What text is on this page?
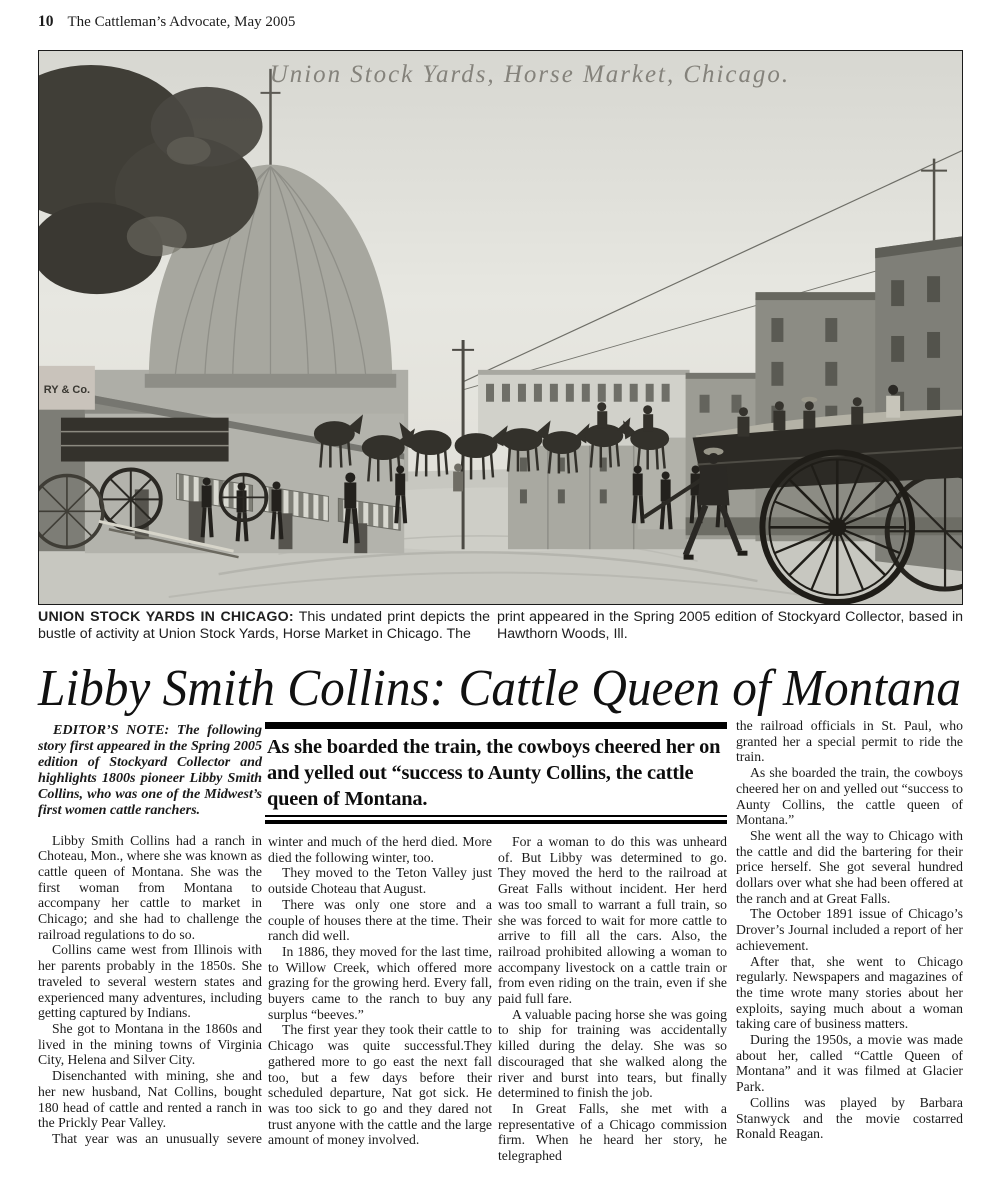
10 The Cattleman’s Advocate, May 2005
Union Stock Yards, Horse Market, Chicago.
RY & Co.
UNION STOCK YARDS IN CHICAGO: This undated print depicts the bustle of activity at Union Stock Yards, Horse Market in Chicago. The
print appeared in the Spring 2005 edition of Stockyard Collector, based in Hawthorn Woods, Ill.
Libby Smith Collins: Cattle Queen of Montana

EDITOR’S NOTE: The following story first appeared in the Spring 2005 edition of Stockyard Collector and highlights 1800s pioneer Libby Smith Collins, who was one of the Midwest’s first women cattle ranchers.

Libby Smith Collins had a ranch in Choteau, Mon., where she was known as cattle queen of Montana. She was the first woman from Montana to accompany her cattle to market in Chicago; and she had to challenge the railroad regulations to do so.

Collins came west from Illinois with her parents probably in the 1850s. She traveled to several western states and experienced many adventures, including getting captured by Indians.

She got to Montana in the 1860s and lived in the mining towns of Virginia City, Helena and Silver City.

Disenchanted with mining, she and her new husband, Nat Collins, bought 180 head of cattle and rented a ranch in the Prickly Pear Valley.

That year was an unusually severe

As she boarded the train, the cowboys cheered her on and yelled out “success to Aunty Collins, the cattle queen of Montana.

winter and much of the herd died. More died the following winter, too.

They moved to the Teton Valley just outside Choteau that August.

There was only one store and a couple of houses there at the time. Their ranch did well.

In 1886, they moved for the last time, to Willow Creek, which offered more grazing for the growing herd. Every fall, buyers came to the ranch to buy any surplus “beeves.”

The first year they took their cattle to Chicago was quite successful.They gathered more to go east the next fall too, but a few days before their scheduled departure, Nat got sick. He was too sick to go and they dared not trust anyone with the cattle and the large amount of money involved.

For a woman to do this was unheard of. But Libby was determined to go. They moved the herd to the railroad at Great Falls without incident. Her herd was too small to warrant a full train, so she was forced to wait for more cattle to arrive to fill all the cars. Also, the railroad prohibited allowing a woman to accompany livestock on a cattle train or from even riding on the train, even if she paid full fare.

A valuable pacing horse she was going to ship for training was accidentally killed during the delay. She was so discouraged that she walked along the river and burst into tears, but finally determined to finish the job.

In Great Falls, she met with a representative of a Chicago commission firm. When he heard her story, he telegraphed

the railroad officials in St. Paul, who granted her a special permit to ride the train.

As she boarded the train, the cowboys cheered her on and yelled out “success to Aunty Collins, the cattle queen of Montana.”

She went all the way to Chicago with the cattle and did the bartering for their price herself. She got several hundred dollars over what she had been offered at the ranch and at Great Falls.

The October 1891 issue of Chicago’s Drover’s Journal included a report of her achievement.

After that, she went to Chicago regularly. Newspapers and magazines of the time wrote many stories about her exploits, saying much about a woman taking care of business matters.

During the 1950s, a movie was made about her, called “Cattle Queen of Montana” and it was filmed at Glacier Park.

Collins was played by Barbara Stanwyck and the movie costarred Ronald Reagan.
